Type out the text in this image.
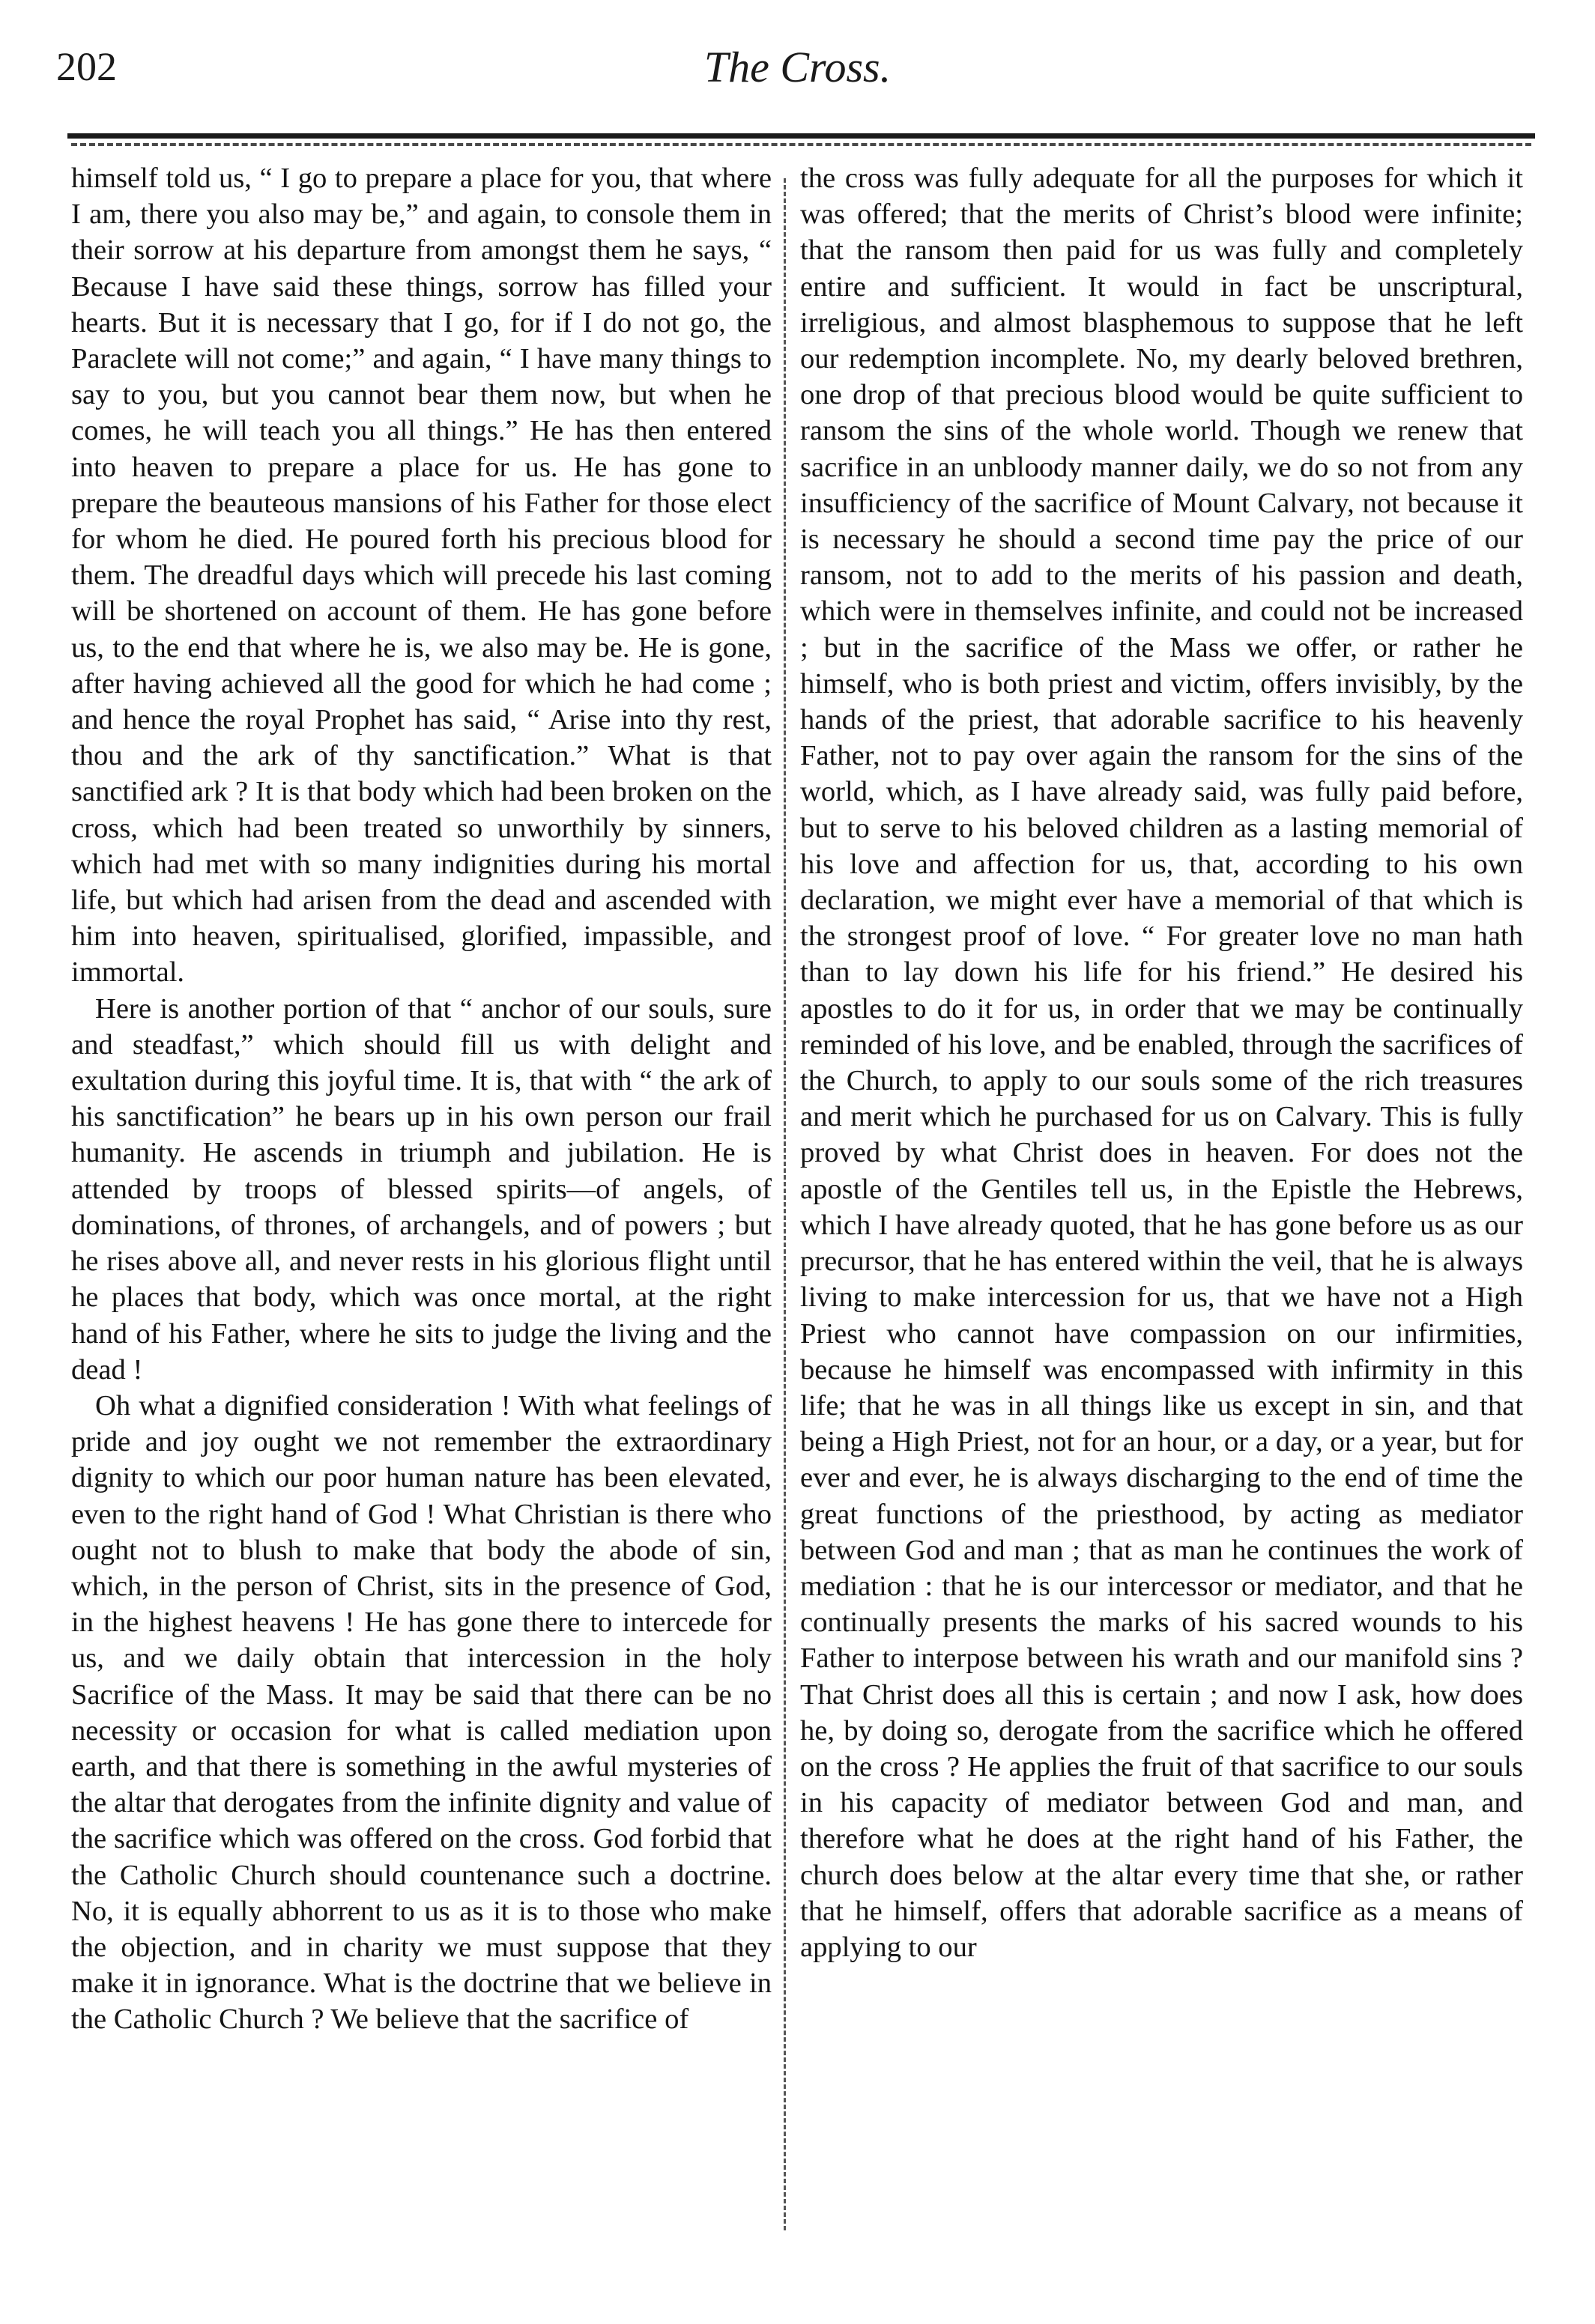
202	The Cross.

himself told us, “ I go to prepare a place for you, that where I am, there you also may be,” and again, to console them in their sorrow at his departure from amongst them he says, “ Because I have said these things, sorrow has filled your hearts. But it is necessary that I go, for if I do not go, the Paraclete will not come;” and again, “ I have many things to say to you, but you cannot bear them now, but when he comes, he will teach you all things.” He has then entered into heaven to prepare a place for us. He has gone to prepare the beauteous mansions of his Father for those elect for whom he died. He poured forth his precious blood for them. The dreadful days which will precede his last coming will be shortened on account of them. He has gone before us, to the end that where he is, we also may be. He is gone, after having achieved all the good for which he had come ; and hence the royal Prophet has said, “ Arise into thy rest, thou and the ark of thy sanctification.” What is that sanctified ark ? It is that body which had been broken on the cross, which had been treated so unworthily by sinners, which had met with so many indignities during his mortal life, but which had arisen from the dead and ascended with him into heaven, spiritualised, glorified, impassible, and immortal.

Here is another portion of that “ anchor of our souls, sure and steadfast,” which should fill us with delight and exultation during this joyful time. It is, that with “ the ark of his sanctification” he bears up in his own person our frail humanity. He ascends in triumph and jubilation. He is attended by troops of blessed spirits—of angels, of dominations, of thrones, of archangels, and of powers ; but he rises above all, and never rests in his glorious flight until he places that body, which was once mortal, at the right hand of his Father, where he sits to judge the living and the dead !

Oh what a dignified consideration ! With what feelings of pride and joy ought we not remember the extraordinary dignity to which our poor human nature has been elevated, even to the right hand of God ! What Christian is there who ought not to blush to make that body the abode of sin, which, in the person of Christ, sits in the presence of God, in the highest heavens ! He has gone there to intercede for us, and we daily obtain that intercession in the holy Sacrifice of the Mass. It may be said that there can be no necessity or occasion for what is called mediation upon earth, and that there is something in the awful mysteries of the altar that derogates from the infinite dignity and value of the sacrifice which was offered on the cross. God forbid that the Catholic Church should countenance such a doctrine. No, it is equally abhorrent to us as it is to those who make the objection, and in charity we must suppose that they make it in ignorance. What is the doctrine that we believe in the Catholic Church ? We believe that the sacrifice of

the cross was fully adequate for all the purposes for which it was offered; that the merits of Christ’s blood were infinite; that the ransom then paid for us was fully and completely entire and sufficient. It would in fact be unscriptural, irreligious, and almost blasphemous to suppose that he left our redemption incomplete. No, my dearly beloved brethren, one drop of that precious blood would be quite sufficient to ransom the sins of the whole world. Though we renew that sacrifice in an unbloody manner daily, we do so not from any insufficiency of the sacrifice of Mount Calvary, not because it is necessary he should a second time pay the price of our ransom, not to add to the merits of his passion and death, which were in themselves infinite, and could not be increased ; but in the sacrifice of the Mass we offer, or rather he himself, who is both priest and victim, offers invisibly, by the hands of the priest, that adorable sacrifice to his heavenly Father, not to pay over again the ransom for the sins of the world, which, as I have already said, was fully paid before, but to serve to his beloved children as a lasting memorial of his love and affection for us, that, according to his own declaration, we might ever have a memorial of that which is the strongest proof of love. “ For greater love no man hath than to lay down his life for his friend.” He desired his apostles to do it for us, in order that we may be continually reminded of his love, and be enabled, through the sacrifices of the Church, to apply to our souls some of the rich treasures and merit which he purchased for us on Calvary. This is fully proved by what Christ does in heaven. For does not the apostle of the Gentiles tell us, in the Epistle the Hebrews, which I have already quoted, that he has gone before us as our precursor, that he has entered within the veil, that he is always living to make intercession for us, that we have not a High Priest who cannot have compassion on our infirmities, because he himself was encompassed with infirmity in this life; that he was in all things like us except in sin, and that being a High Priest, not for an hour, or a day, or a year, but for ever and ever, he is always discharging to the end of time the great functions of the priesthood, by acting as mediator between God and man ; that as man he continues the work of mediation : that he is our intercessor or mediator, and that he continually presents the marks of his sacred wounds to his Father to interpose between his wrath and our manifold sins ? That Christ does all this is certain ; and now I ask, how does he, by doing so, derogate from the sacrifice which he offered on the cross ? He applies the fruit of that sacrifice to our souls in his capacity of mediator between God and man, and therefore what he does at the right hand of his Father, the church does below at the altar every time that she, or rather that he himself, offers that adorable sacrifice as a means of applying to our
